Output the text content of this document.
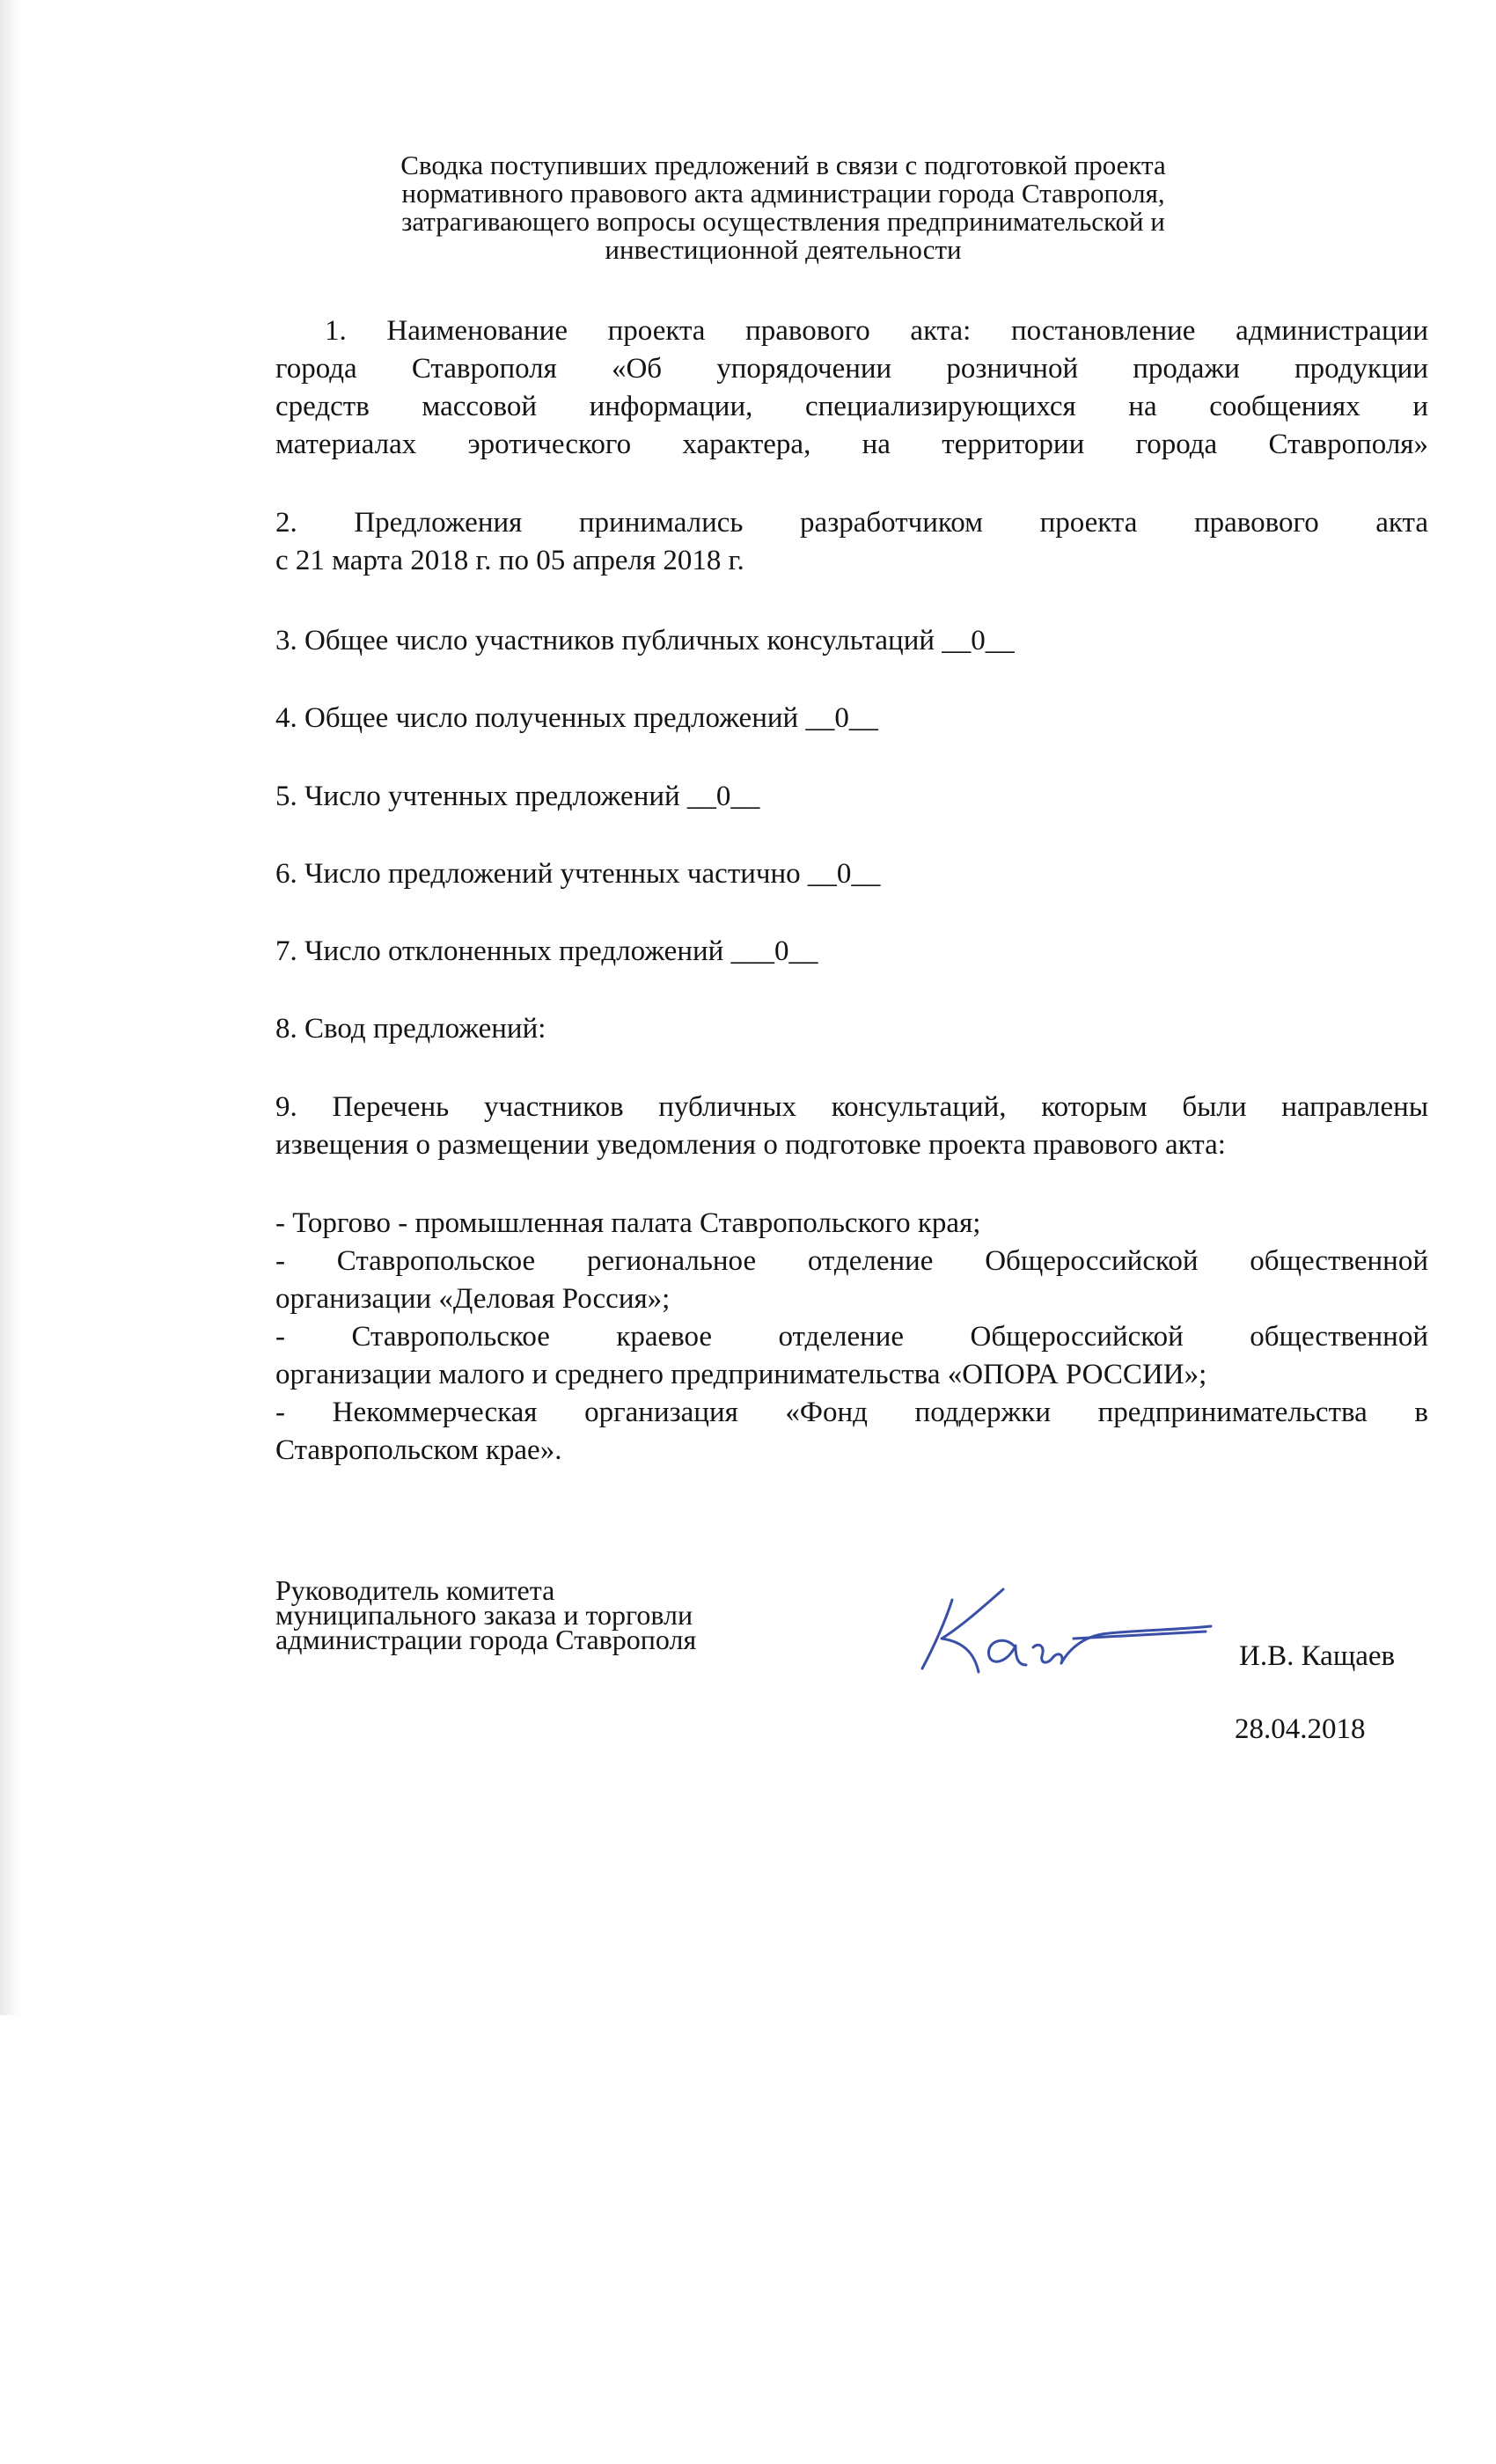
Сводка поступивших предложений в связи с подготовкой проекта
нормативного правового акта администрации города Ставрополя,
затрагивающего вопросы осуществления предпринимательской и
инвестиционной деятельности
1. Наименование проекта правового акта: постановление администрации
города Ставрополя «Об упорядочении розничной продажи продукции
средств массовой информации, специализирующихся на сообщениях и
материалах эротического характера, на территории города Ставрополя»
2. Предложения принимались разработчиком проекта правового акта
с 21 марта 2018 г. по 05 апреля 2018 г.
3. Общее число участников публичных консультаций __0__
4. Общее число полученных предложений __0__
5. Число учтенных предложений __0__
6. Число предложений учтенных частично __0__
7. Число отклоненных предложений ___0__
8. Свод предложений:
9. Перечень участников публичных консультаций, которым были направлены
извещения о размещении уведомления о подготовке проекта правового акта:
- Торгово - промышленная палата Ставропольского края;
- Ставропольское региональное отделение Общероссийской общественной
организации «Деловая Россия»;
- Ставропольское краевое отделение Общероссийской общественной
организации малого и среднего предпринимательства «ОПОРА РОССИИ»;
- Некоммерческая организация «Фонд поддержки предпринимательства в
Ставропольском крае».
Руководитель комитета
муниципального заказа и торговли
администрации города Ставрополя
И.В. Кащаев
28.04.2018
